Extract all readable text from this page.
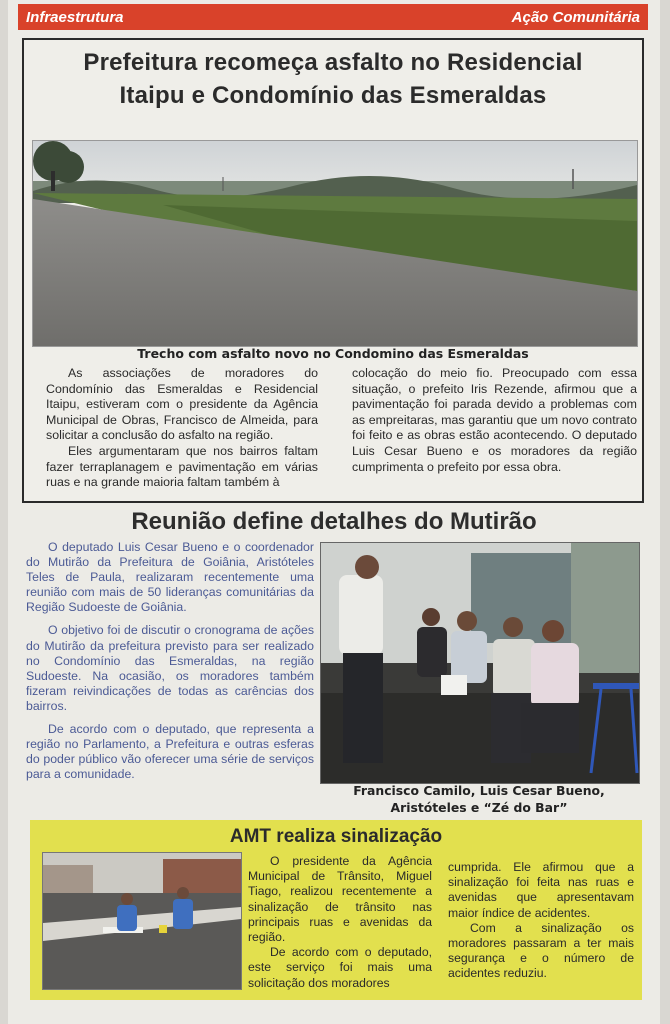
Infraestrutura	Ação Comunitária
Prefeitura recomeça asfalto no Residencial Itaipu e Condomínio das Esmeraldas
Trecho com asfalto novo no Condomino das Esmeraldas

As associações de moradores do Condomínio das Esmeraldas e Residencial Itaipu, estiveram com o presidente da Agência Municipal de Obras, Francisco de Almeida, para solicitar a conclusão do asfalto na região.

Eles argumentaram que nos bairros faltam fazer terraplanagem e pavimentação em várias ruas e na grande maioria faltam também à

colocação do meio fio. Preocupado com essa situação, o prefeito Iris Rezende, afirmou que a pavimentação foi parada devido a problemas com as empreitaras, mas garantiu que um novo contrato foi feito e as obras estão acontecendo. O deputado Luis Cesar Bueno e os moradores da região cumprimenta o prefeito por essa obra.

Reunião define detalhes do Mutirão

O deputado Luis Cesar Bueno e o coordenador do Mutirão da Prefeitura de Goiânia, Aristóteles Teles de Paula, realizaram recentemente uma reunião com mais de 50 lideranças comunitárias da Região Sudoeste de Goiânia.

O objetivo foi de discutir o cronograma de ações do Mutirão da prefeitura previsto para ser realizado no Condomínio das Esmeraldas, na região Sudoeste. Na ocasião, os moradores também fizeram reivindicações de todas as carências dos bairros.

De acordo com o deputado, que representa a região no Parlamento, a Prefeitura e outras esferas do poder público vão oferecer uma série de serviços para a comunidade.

Francisco Camilo, Luis Cesar Bueno,
Aristóteles e “Zé do Bar”
AMT realiza sinalização

O presidente da Agência Municipal de Trânsito, Miguel Tiago, realizou recentemente a sinalização de trânsito nas principais ruas e avenidas da região.

De acordo com o deputado, este serviço foi mais uma solicitação dos moradores

cumprida. Ele afirmou que a sinalização foi feita nas ruas e avenidas que apresentavam maior índice de acidentes.

Com a sinalização os moradores passaram a ter mais segurança e o número de acidentes reduziu.
